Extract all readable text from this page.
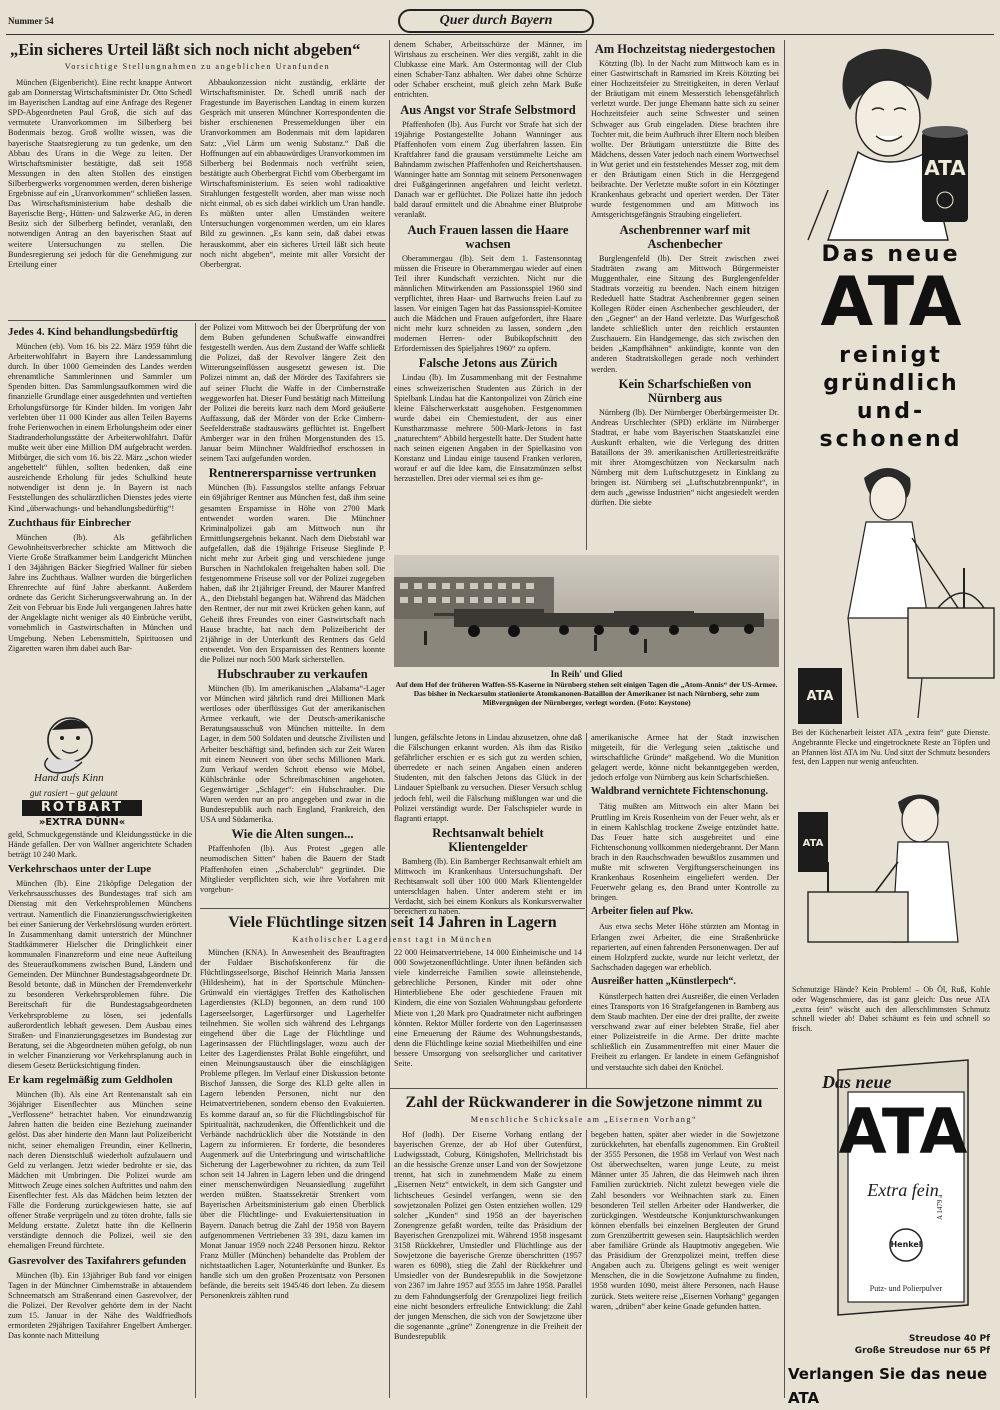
Nummer 54	Quer durch Bayern
„Ein sicheres Urteil läßt sich noch nicht abgeben“
Vorsichtige Stellungnahmen zu angeblichen Uranfunden

München (Eigenbericht). Eine recht knappe Antwort gab am Donnerstag Wirtschaftsminister Dr. Otto Schedl im Bayerischen Landtag auf eine Anfrage des Regener SPD-Abgeordneten Paul Groß, die sich auf das vermutete Uranvorkommen im Silberberg bei Bodenmais bezog. Groß wollte wissen, was die bayerische Staatsregierung zu tun gedenke, um den Abbau des Urans in die Wege zu leiten. Der Wirtschaftsminister bestätigte, daß seit 1958 Messungen in den alten Stollen des einstigen Silberbergwerks vorgenommen werden, deren bisherige Ergebnisse auf ein „Uranvorkommen“ schließen lassen. Das Wirtschaftsministerium habe deshalb die Bayerische Berg-, Hütten- und Salzwerke AG, in deren Besitz sich der Silberberg befindet, veranlaßt, den notwendigen Antrag an den bayerischen Staat auf weitere Untersuchungen zu stellen. Die Bundesregierung sei jedoch für die Genehmigung zur Erteilung einer

Abbaukonzession nicht zuständig, erklärte der Wirtschaftsminister. Dr. Schedl umriß nach der Fragestunde im Bayerischen Landtag in einem kurzen Gespräch mit unseren Münchner Korrespondenten die bisher erschienenen Pressemeldungen über ein Uranvorkommen am Bodenmais mit dem lapidaren Satz: „Viel Lärm um wenig Substanz.“ Daß die Hoffnungen auf ein abbauwürdiges Uranvorkommen im Silberberg bei Bodenmais noch verfrüht seien, bestätigte auch Oberbergrat Fichtl vom Oberbergamt im Wirtschaftsministerium. Es seien wohl radioaktive Strahlungen festgestellt worden, aber man wisse noch nicht einmal, ob es sich dabei wirklich um Uran handle. Es müßten unter allen Umständen weitere Untersuchungen vorgenommen werden, um ein klares Bild zu gewinnen. „Es kann sein, daß dabei etwas herauskommt, aber ein sicheres Urteil läßt sich heute noch nicht abgeben“, meinte mit aller Vorsicht der Oberbergrat.

Jedes 4. Kind behandlungsbedürftig

München (eb). Vom 16. bis 22. März 1959 führt die Arbeiterwohlfahrt in Bayern ihre Landessammlung durch. In über 1000 Gemeinden des Landes werden ehrenamtliche Sammlerinnen und Sammler um Spenden bitten. Das Sammlungsaufkommen wird die finanzielle Grundlage einer ausgedehnten und vertieften Erholungsfürsorge für Kinder bilden. Im vorigen Jahr verlebten über 11 000 Kinder aus allen Teilen Bayerns frohe Ferienwochen in einem Erholungsheim oder einer Stadtranderholungsstätte der Arbeiterwohlfahrt. Dafür mußte weit über eine Million DM aufgebracht werden. Mitbürger, die sich vom 16. bis 22. März „schon wieder angebettelt“ fühlen, sollten bedenken, daß eine ausreichende Erholung für jedes Schulkind heute notwendiger ist denn je. In Bayern ist nach Feststellungen des schulärztlichen Dienstes jedes vierte Kind „überwachungs- und behandlungsbedürftig“!

Zuchthaus für Einbrecher

München (lb). Als gefährlichen Gewohnheitsverbrecher schickte am Mittwoch die Vierte Große Strafkammer beim Landgericht München I den 34jährigen Bäcker Siegfried Wallner für sieben Jahre ins Zuchthaus. Wallner wurden die bürgerlichen Ehrenrechte auf fünf Jahre aberkannt. Außerdem ordnete das Gericht Sicherungsverwahrung an. In der Zeit von Februar bis Ende Juli vergangenen Jahres hatte der Angeklagte nicht weniger als 40 Einbrüche verübt, vornehmlich in Gastwirtschaften in München und Umgebung. Neben Lebensmitteln, Spirituosen und Zigaretten waren ihm dabei auch Bar-

Hand aufs Kinn
gut rasiert – gut gelaunt
ROTBART
»EXTRA DÜNN«

geld, Schmuckgegenstände und Kleidungsstücke in die Hände gefallen. Der von Wallner angerichtete Schaden beträgt 10 240 Mark.

Verkehrschaos unter der Lupe

München (lb). Eine 21köpfige Delegation der Verkehrsausschusses des Bundestages traf sich am Dienstag mit den Verkehrsproblemen Münchens vertraut. Namentlich die Finanzierungsschwierigkeiten bei einer Sanierung der Verkehrslösung wurden erörtert. In Zusammenhang damit unterstrich der Münchner Stadtkämmerer Hielscher die Dringlichkeit einer kommunalen Finanzreform und eine neue Aufteilung des Steueraufkommens zwischen Bund, Ländern und Gemeinden. Der Münchner Bundestagsabgeordnete Dr. Besold betonte, daß in München der Fremdenverkehr zu besonderen Verkehrsproblemen führe. Die Bereitschaft für die Bundestagsabgeordneten Verkehrsprobleme zu lösen, sei jedenfalls außerordentlich lebhaft gewesen. Dem Ausbau eines Straßen- und Finanzierungsgesetzes im Bundestag zur Beratung, sei die Abgeordneten mühen gefolgt, ob nun in welcher Finanzierung vor Verkehrsplanung auch in diesem Gesetz Berücksichtigung finden.

Er kam regelmäßig zum Geldholen

München (lb). Als eine Art Rentenanstalt sah ein 36jähriger Eisenflechter aus München seine „Verflossene“ betrachtet haben. Vor einundzwanzig Jahren hatten die beiden eine Beziehung zueinander gelöst. Das aber hinderte den Mann laut Polizeibericht nicht, seiner ehemaligen Freundin, einer Kellnerin, nach deren Dienstschluß wiederholt aufzulauern und Geld zu verlangen. Jetzt wieder bedrohte er sie, das Mädchen mit Umbringen. Die Polizei wurde am Mittwoch Zeuge eines solchen Auftrittes und nahm den Eisenflechter fest. Als das Mädchen beim letzten der Fälle die Forderung zurückgewiesen hatte, sie auf offener Straße verprügeln und zu töten drohte, falls sie Meldung erstatte. Zuletzt hatte ihn die Kellnerin verständigte dennoch die Polizei, weil sie den ehemaligen Freund fürchtete.

Gasrevolver des Taxifahrers gefunden

München (lb). Ein 13jähriger Bub fand vor einigen Tagen in der Münchner Cimbernstraße in abtauendem Schneematsch am Straßenrand einen Gasrevolver, der die Polizei. Der Revolver gehörte dem in der Nacht zum 15. Januar in der Nähe des Waldfriedhofs ermordeten 29jährigen Taxifahrer Engelbert Amberger. Das konnte nach Mitteilung

der Polizei vom Mittwoch bei der Überprüfung der von dem Buben gefundenen Schußwaffe einwandfrei festgestellt werden. Aus dem Zustand der Waffe schließt die Polizei, daß der Revolver längere Zeit den Witterungseinflüssen ausgesetzt gewesen ist. Die Polizei nimmt an, daß der Mörder des Taxifahrers sie auf seiner Flucht die Waffe in der Cimbernstraße weggeworfen hat. Dieser Fund bestätigt nach Mitteilung der Polizei die bereits kurz nach dem Mord geäußerte Auffassung, daß der Mörder von der Ecke Cimbern-Seefelderstraße stadtauswärts geflüchtet ist. Engelbert Amberger war in den frühen Morgenstunden des 15. Januar beim Münchner Waldfriedhof erschossen in seinem Taxi aufgefunden worden.

Rentnerersparnisse vertrunken

München (lb). Fassungslos stellte anfangs Februar ein 69jähriger Rentner aus München fest, daß ihm seine gesamten Ersparnisse in Höhe von 2700 Mark entwendet worden waren. Die Münchner Kriminalpolizei gab am Mittwoch nun ihr Ermittlungsergebnis bekannt. Nach dem Diebstahl war aufgefallen, daß die 19jährige Friseuse Sieglinde P. nicht mehr zur Arbeit ging und verschiedene junge Burschen in Nachtlokalen freigehalten haben soll. Die festgenommene Friseuse soll vor der Polizei zugegeben haben, daß ihr 21jähriger Freund, der Maurer Manfred A., den Diebstahl begangen hat. Während das Mädchen den Rentner, der nur mit zwei Krücken gehen kann, auf Geheiß ihres Freundes von einer Gastwirtschaft nach Hause brachte, hat nach dem Polizeibericht der 21jährige in der Unterkunft des Rentners das Geld entwendet. Von den Ersparnissen des Rentners konnte die Polizei nur noch 500 Mark sicherstellen.

Hubschrauber zu verkaufen

München (lb). Im amerikanischen „Alabama“-Lager vor München wird jährlich rund drei Millionen Mark wertloses oder überflüssiges Gut der amerikanischen Armee verkauft, wie der Deutsch-amerikanische Beratungsausschuß von München mitteilte. In dem Lager, in dem 500 Soldaten und deutsche Zivilisten und Arbeiter beschäftigt sind, befinden sich zur Zeit Waren mit einem Neuwert von über sechs Millionen Mark. Zum Verkauf werden Schrott ebenso wie Möbel, Kühlschränke oder Schreibmaschinen angeboten. Gegenwärtiger „Schlager“: ein Hubschrauber. Die Waren werden nur an pro angegeben und zwar in die Bundesrepublik auch nach England, Frankreich, den USA und Südamerika.

Wie die Alten sungen...

Pfaffenhofen (lb). Aus Protest „gegen alle neumodischen Sitten“ haben die Bauern der Stadt Pfaffenhofen einen „Schaberclub“ gegründet. Die Mitglieder verpflichten sich, wie ihre Vorfahren mit vorgebun-

denem Schaber, Arbeitsschürze der Männer, im Wirtshaus zu erscheinen. Wer dies vergißt, zahlt in die Clubkasse eine Mark. Am Ostermontag will der Club einen Schaber-Tanz abhalten. Wer dabei ohne Schürze oder Schaber erscheint, muß gleich zehn Mark Buße entrichten.

Aus Angst vor Strafe Selbstmord

Pfaffenhofen (lb). Aus Furcht vor Strafe hat sich der 19jährige Postangestellte Johann Wanninger aus Pfaffenhofen vom einem Zug überfahren lassen. Ein Kraftfahrer fand die grausam verstümmelte Leiche am Bahndamm zwischen Pfaffenhofen und Reichertshausen. Wanninger hatte am Sonntag mit seinem Personenwagen drei Fußgängerinnen angefahren und leicht verletzt. Danach war er geflüchtet. Die Polizei hatte ihn jedoch bald darauf ermittelt und die Abnahme einer Blutprobe veranlaßt.

Auch Frauen lassen die Haare wachsen

Oberammergau (lb). Seit dem 1. Fastensonntag müssen die Friseure in Oberammergau wieder auf einen Teil ihrer Kundschaft verzichten. Nicht nur die männlichen Mitwirkenden am Passionsspiel 1960 sind verpflichtet, ihren Haar- und Bartwuchs freien Lauf zu lassen. Vor einigen Tagen hat das Passionsspiel-Komitee auch die Mädchen und Frauen aufgefordert, ihre Haare nicht mehr kurz schneiden zu lassen, sondern „den modernen Herren- oder Bubikopfschnitt den Erfordernissen des Spieljahres 1960“ zu opfern.

Falsche Jetons aus Zürich

Lindau (lb). Im Zusammenhang mit der Festnahme eines schweizerischen Studenten aus Zürich in der Spielbank Lindau hat die Kantonpolizei von Zürich eine kleine Fälscherwerkstatt ausgehoben. Festgenommen wurde dabei ein Chemiestudent, der aus einer Kunstharzmasse mehrere 500-Mark-Jetons in fast „naturechtem“ Abbild hergestellt hatte. Der Student hatte nach seinen eigenen Angaben in der Spielkasino von Konstanz und Lindau einige tausend Franken verloren, worauf er auf die Idee kam, die Einsatzmünzen selbst herzustellen. Drei oder viermal sei es ihm ge-

Am Hochzeitstag niedergestochen

Kötzting (lb). In der Nacht zum Mittwoch kam es in einer Gastwirtschaft in Ramsried im Kreis Kötzting bei einer Hochzeitsfeier zu Streitigkeiten, in deren Verlauf der Bräutigam mit einem Messerstich lebensgefährlich verletzt wurde. Der junge Ehemann hatte sich zu seiner Hochzeitsfeier auch seine Schwester und seinen Schwager aus Grub eingeladen. Diese brachten ihre Tochter mit, die beim Aufbruch ihrer Eltern noch bleiben wollte. Der Bräutigam unterstützte die Bitte des Mädchens, dessen Vater jedoch nach einem Wortwechsel in Wut geriet und ein feststehendes Messer zog, mit dem er den Bräutigam einen Stich in die Herzgegend beibrachte. Der Verletzte mußte sofort in ein Kötztinger Krankenhaus gebracht und operiert werden. Der Täter wurde festgenommen und am Mittwoch ins Amtsgerichtsgefängnis Straubing eingeliefert.

Aschenbrenner warf mit Aschenbecher

Burglengenfeld (lb). Der Streit zwischen zwei Stadträten zwang am Mittwoch Bürgermeister Muggenthaler, eine Sitzung des Burglengenfelder Stadtrats vorzeitig zu beenden. Nach einem hitzigen Rededuell hatte Stadtrat Aschenbrenner gegen seinen Kollegen Röder einen Aschenbecher geschleudert, der den „Gegner“ an der Hand verletzte. Das Wurfgeschoß landete schließlich unter den reichlich erstaunten Zuschauern. Ein Handgemenge, das sich zwischen den beiden „Kampfhähnen“ ankündigte, konnte von den anderen Stadtratskollegen gerade noch verhindert werden.

Kein Scharfschießen von Nürnberg aus

Nürnberg (lb). Der Nürnberger Oberbürgermeister Dr. Andreas Urschlechter (SPD) erklärte im Nürnberger Stadtrat, er habe vom Bayerischen Staatskanzlei eine Auskunft erhalten, wie die Verlegung des dritten Bataillons der 39. amerikanischen Artilleriestreitkräfte mit ihrer Atomgeschützen von Neckarsulm nach Nürnberg mit dem Luftschutzgesetz in Einklang zu bringen ist. Nürnberg sei „Luftschutzbrennpunkt“, in dem auch „gewisse Industrien“ nicht angesiedelt werden dürften. Die siebte

In Reih' und Glied
Auf dem Hof der früheren Waffen-SS-Kaserne in Nürnberg stehen seit einigen Tagen die „Atom-Annis“ der US-Armee. Das bisher in Neckarsulm stationierte Atomkanonen-Bataillon der Amerikaner ist nach Nürnberg, sehr zum Mißvergnügen der Nürnberger, verlegt worden. (Foto: Keystone)

lungen, gefälschte Jetons in Lindau abzusetzen, ohne daß die Fälschungen erkannt wurden. Als ihm das Risiko gefährlicher erschien er es sich gut zu werden schien, überredete er nach seinen Angaben einen anderen Studenten, mit den falschen Jetons das Glück in der Lindauer Spielbank zu versuchen. Dieser Versuch schlug jedoch fehl, weil die Fälschung mißlungen war und die Polizei verständigt wurde. Der Falschspieler wurde in flagranti ertappt.

Rechtsanwalt behielt Klientengelder

Bamberg (lb). Ein Bamberger Rechtsanwalt erhielt am Mittwoch im Krankenhaus Untersuchungshaft. Der Rechtsanwalt soll über 100 000 Mark Klientengelder unterschlagen haben. Unter anderem steht er im Verdacht, sich bei einem Konkurs als Konkursverwalter bereichert zu haben.

amerikanische Armee hat der Stadt inzwischen mitgeteilt, für die Verlegung seien „taktische und wirtschaftliche Gründe“ maßgebend. Wo die Munition gelagert werde, könne nicht bekanntgegeben werden, jedoch erfolge von Nürnberg aus kein Scharfschießen.

Waldbrand vernichtete Fichtenschonung.

Tätig mußten am Mittwoch ein alter Mann bei Pruttling im Kreis Rosenheim von der Feuer wehr, als er in einem Kahlschlag trockene Zweige entzündet hatte. Das Feuer hatte sich ausgebreitet und eine Fichtenschonung vollkommen niedergebrannt. Der Mann brach in den Rauchschwaden bewußtlos zusammen und mußte mit schweren Vergiftungserscheinungen ins Krankenhaus Rosenheim eingeliefert werden. Der Feuerwehr gelang es, den Brand unter Kontrolle zu bringen.

Arbeiter fielen auf Pkw.

Aus etwa sechs Meter Höhe stürzten am Montag in Erlangen zwei Arbeiter, die eine Straßenbrücke reparierten, auf einen fahrenden Personenwagen. Der auf einem Holzpferd zuckte, wurde nur leicht verletzt, der Sachschaden dagegen war erheblich.

Ausreißer hatten „Künstlerpech“.

Künstlerpech hatten drei Ausreißer, die einen Verladen eines Transports von 16 Strafgefangenen in Bamberg aus dem Staub machten. Der eine der drei prallte, der zweite verschwand zwar auf einer belebten Straße, fiel aber einer Polizeistreife in die Arme. Der dritte machte schließlich ein Zusammentreffen mit einer Mauer die Freiheit zu erlangen. Er landete in einem Gefängnishof und verstauchte sich dabei den Knöchel.

Viele Flüchtlinge sitzen seit 14 Jahren in Lagern
Katholischer Lagerdienst tagt in München

München (KNA). In Anwesenheit des Beauftragten der Fuldaer Bischofskonferenz für die Flüchtlingsseelsorge, Bischof Heinrich Maria Janssen (Hildesheim), hat in der Sportschule München-Grünwald ein viertägiges Treffen des Katholischen Lagerdienstes (KLD) begonnen, an dem rund 100 Lagerseelsorger, Lagerfürsorger und Lagerhelfer teilnehmen. Sie wollen sich während des Lehrgangs eingehend über die Lage der Flüchtlinge und Lagerinsassen der Flüchtlingslager, wozu auch der Leiter des Lagerdienstes Prälat Bohle eingeführt, und einen Meinungsaustausch über die einschlägigen Probleme pflegen. Im Verlauf einer Diskussion betonte Bischof Janssen, die Sorge des KLD gelte allen in Lagern lebenden Personen, nicht nur den Heimatvertriebenen, sondern ebenso den Evakuierten. Es komme darauf an, so für die Flüchtlingsbischof für Spiritualität, nachzudenken, die Öffentlichkeit und die Verbände nachdrücklich über die Notstände in den Lagern zu informieren. Er forderte, die besonderes Augenmerk auf die Unterbringung und wirtschaftliche Sicherung der Lagerbewohner zu richten, da zum Teil schon seit 14 Jahren in Lagern leben und die dringend einer menschenwürdigen Neuansiedlung zugeführt werden müßten. Staatssekretär Strenkert vom Bayerischen Arbeitsministerium gab einen Überblick über die Flüchtlinge- und Evakuiertensituation in Bayern. Danach betrug die Zahl der 1958 von Bayern aufgenommenen Vertriebenen 33 391, dazu kamen im Monat Januar 1959 noch 2248 Personen hinzu. Rektor Franz Müller (München) behandelte das Problem der nichtstaatlichen Lager, Notunterkünfte und Bunker. Es handle sich um den großen Prozentsatz von Personen befände, die bereits seit 1945/46 dort leben. Zu diesem Personenkreis zählten rund

22 000 Heimatvertriebene, 14 000 Einheimische und 14 000 Sowjetzonenflüchtlinge. Unter ihnen befänden sich viele kinderreiche Familien sowie alleinstehende, gebrechliche Personen, Kinder mit oder ohne Hinterbliebene Ehe oder geschiedene Frauen mit Kindern, die eine von Sozialen Wohnungsbau geforderte Miete von 1,20 Mark pro Quadratmeter nicht aufbringen könnten. Rektor Müller forderte von den Lagerinsassen eine Erneuerung der Räume des Wohnungsbestands, denn die Flüchtlinge keine sozial Mietbeihilfen und eine bessere Umsorgung von seelsorglicher und caritativer Seite.

Zahl der Rückwanderer in die Sowjetzone nimmt zu
Menschliche Schicksale am „Eisernen Vorhang“

Hof (lodh). Der Eiserne Vorhang entlang der bayerischen Grenze, der ab Hof über Gutenfürst, Ludwigsstadt, Coburg, Königshofen, Mellrichstadt bis an die hessische Grenze unser Land von der Sowjetzone trennt, hat sich in zunehmendem Maße zu einem „Eisernen Netz“ entwickelt, in dem sich Gangster und lichtscheues Gesindel verfangen, wenn sie den sowjetzonalen Polizei gen Osten entziehen wollen. 129 solcher „Kunden“ sind 1958 an der bayerischen Zonengrenze gefaßt worden, teilte das Präsidium der Bayerischen Grenzpolizei mit. Während 1958 insgesamt 3158 Rückkehrer, Umsiedler und Flüchtlinge aus der Sowjetzone die bayerische Grenze überschritten (1957 waren es 6098), stieg die Zahl der Rückkehrer und Umsiedler von der Bundesrepublik in die Sowjetzone von 2367 im Jahre 1957 auf 3555 im Jahre 1958. Parallel zu dem Fahndungserfolg der Grenzpolizei liegt freilich eine nicht besonders erfreuliche Entwicklung: die Zahl der jungen Menschen, die sich von der Sowjetzone über die sogenannte „grüne“ Zonengrenze in die Freiheit der Bundesrepublik

begeben hatten, später aber wieder in die Sowjetzone zurückkehrten, hat ebenfalls zugenommen. Ein Großteil der 3555 Personen, die 1958 im Verlauf von West nach Ost überwechselten, waren junge Leute, zu meist Männer unter 35 Jahren, die das Heimweh nach ihren Familien zurücktrieb. Nicht zuletzt bewegen viele die Zahl besonders vor Weihnachten stark zu. Einen besonderen Teil stellen Arbeiter oder Handwerker, die zurückgingen. Westdeutsche Konjunkturschwankungen können ebenfalls bei einzelnen Bergleuten der Grund zum Grenzübertritt gewesen sein. Hauptsächlich werden aber familiäre Gründe als Hauptmotiv angegeben. Wie das Präsidium der Grenzpolizei meint, treffen diese Angaben auch zu. Übrigens gelingt es weit weniger Menschen, die in die Sowjetzone Aufnahme zu finden, 1958 wurden 1090, meist ältere Personen, nach Hause zurück. Stets weitere reise „Eisernen Vorhang“ gegangen waren, „drüben“ aber keine Gnade gefunden hatten.

ATA
Das neue
ATA
reinigt
gründlich
und-
schonend
ATA
Bei der Küchenarbeit leistet ATA „extra fein“ gute Dienste. Angebrannte Flecke und eingetrocknete Reste an Töpfen und an Pfannen löst ATA im Nu. Und sitzt der Schmutz besonders fest, den Lappen nur wenig anfeuchten.
ATA
Schmutzige Hände? Kein Problem! – Ob Öl, Ruß, Kohle oder Wagenschmiere, das ist ganz gleich: Das neue ATA „extra fein“ wäscht auch den allerschlimmsten Schmutz schnell wieder ab! Dabei schäumt es fein und schnell so frisch.
Das neue
ATA
Extra fein
Henkel
Putz- und Polierpulver
A 1479 a
Streudose 40 Pf
Große Streudose nur 65 Pf
Verlangen Sie das neue ATA
